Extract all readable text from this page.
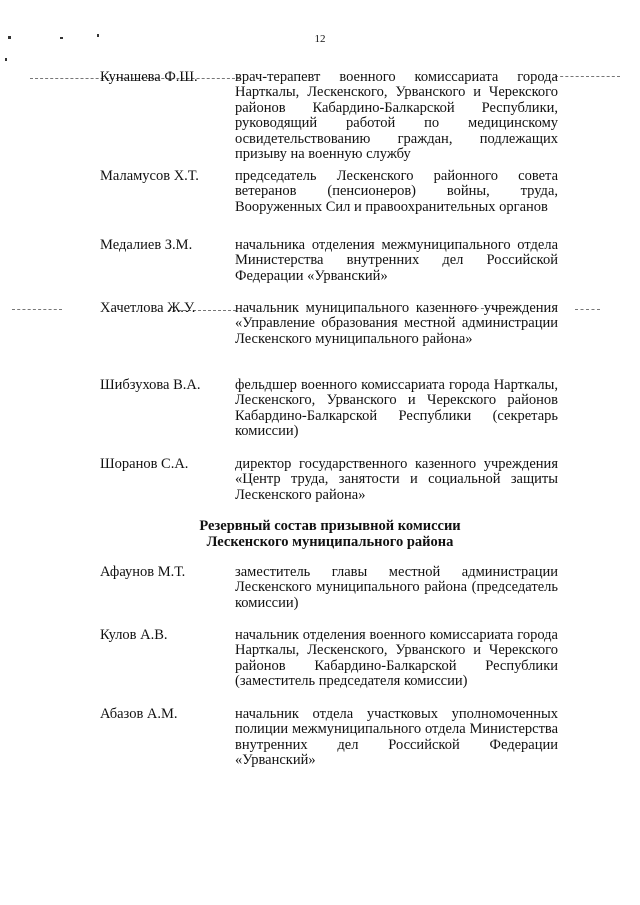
12
Кунашева Ф.Ш.	врач-терапевт военного комиссариата города Нарткалы, Лескенского, Урванского и Черекского районов Кабардино-Балкарской Республики, руководящий работой по медицинскому освидетельствованию граждан, подлежащих призыву на военную службу
Маламусов Х.Т. председатель Лескенского районного совета ветеранов (пенсионеров) войны, труда, Вооруженных Сил и правоохранительных органов
Медалиев З.М.	начальника отделения межмуниципального отдела Министерства внутренних дел Российской Федерации «Урванский»
Хачетлова Ж.У.	начальник муниципального казенного учреждения «Управление образования местной администрации Лескенского муниципального района»
Шибзухова В.А. фельдшер военного комиссариата города Нарткалы, Лескенского, Урванского и Черекского районов Кабардино-Балкарской Республики (секретарь комиссии)
Шоранов С.А.	директор государственного казенного учреждения «Центр труда, занятости и социальной защиты Лескенского района»
Резервный состав призывной комиссии
Лескенского муниципального района
Афаунов М.Т.	заместитель главы местной администрации Лескенского муниципального района (председатель комиссии)
Кулов А.В.	начальник отделения военного комиссариата города Нарткалы, Лескенского, Урванского и Черекского районов Кабардино-Балкарской Республики (заместитель председателя комиссии)
Абазов А.М.	начальник отдела участковых уполномоченных полиции межмуниципального отдела Министерства внутренних дел Российской Федерации «Урванский»
